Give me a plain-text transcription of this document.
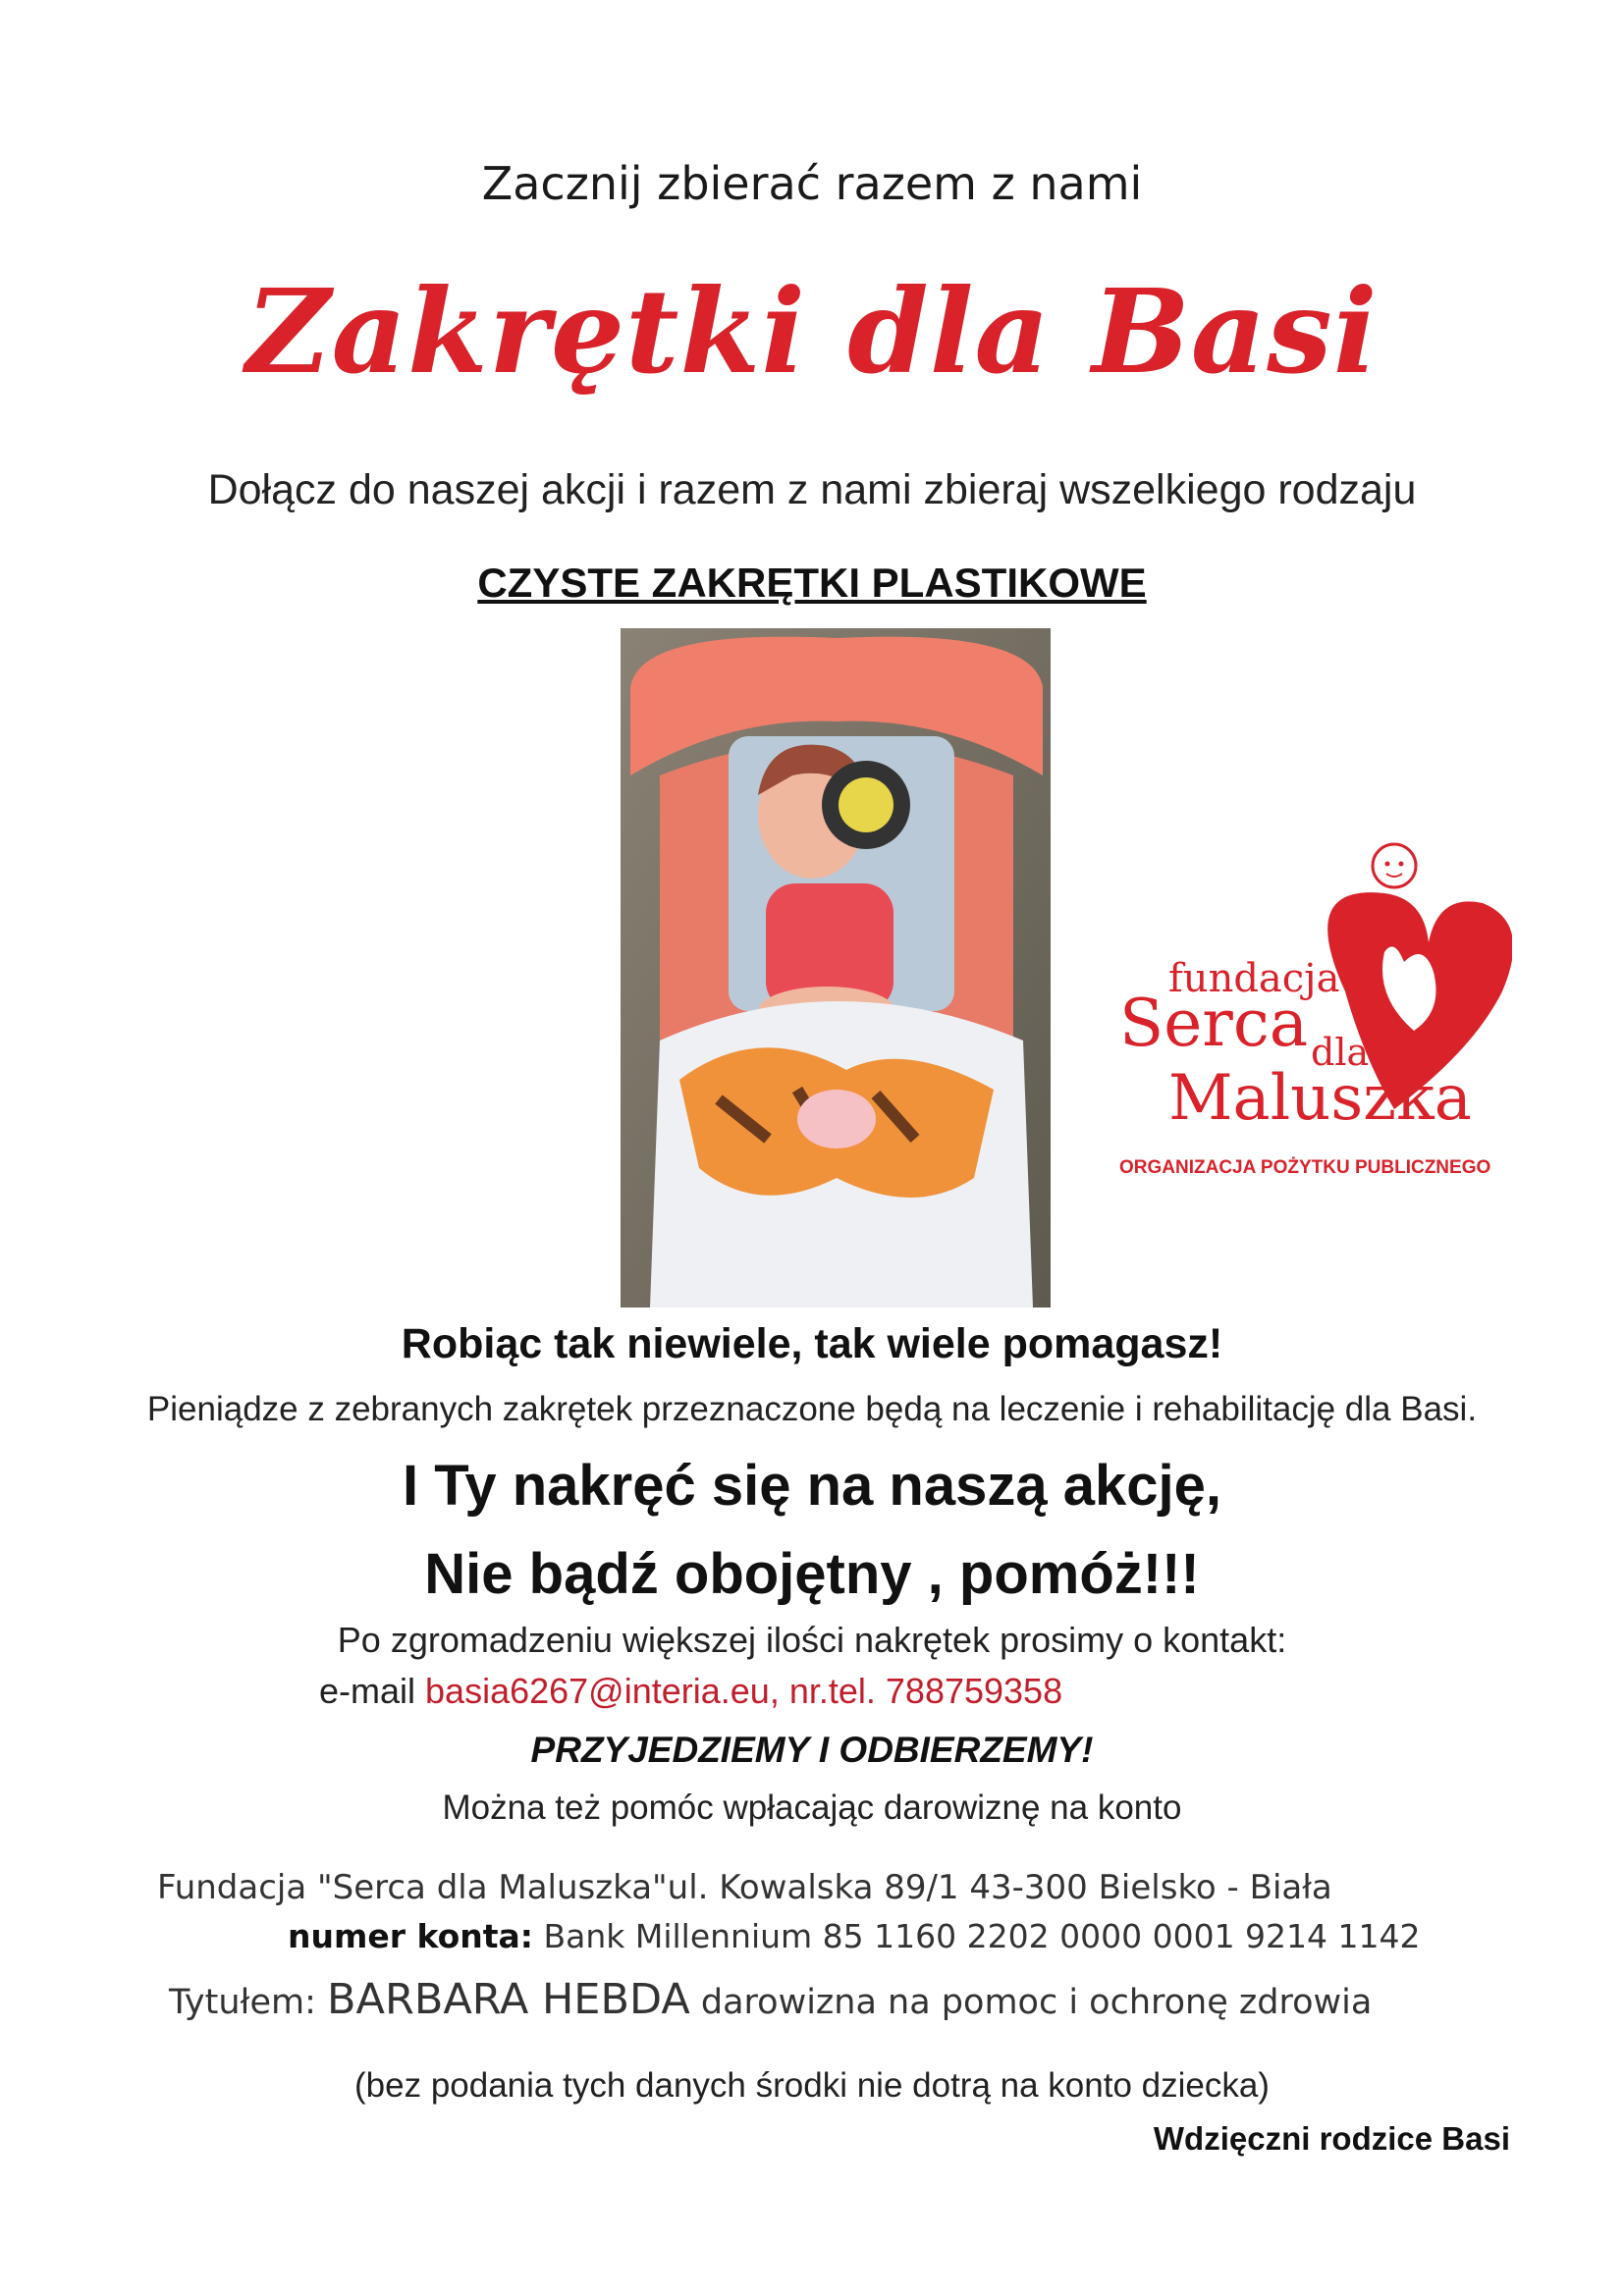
Zacznij zbierać razem z nami
Zakrętki dla Basi
Dołącz do naszej akcji i razem z nami zbieraj wszelkiego rodzaju
CZYSTE ZAKRĘTKI PLASTIKOWE
fundacja
Serca dla
Maluszka
ORGANIZACJA POŻYTKU PUBLICZNEGO
Robiąc tak niewiele, tak wiele pomagasz!
Pieniądze z zebranych zakrętek przeznaczone będą na leczenie i rehabilitację dla Basi.
I Ty nakręć się na naszą akcję,
Nie bądź obojętny , pomóż!!!
Po zgromadzeniu większej ilości nakrętek prosimy o kontakt:
e-mail basia6267@interia.eu, nr.tel. 788759358
PRZYJEDZIEMY I ODBIERZEMY!
Można też pomóc wpłacając darowiznę na konto
Fundacja "Serca dla Maluszka"ul. Kowalska 89/1 43-300 Bielsko - Biała
numer konta: Bank Millennium 85 1160 2202 0000 0001 9214 1142
Tytułem: BARBARA HEBDA darowizna na pomoc i ochronę zdrowia
(bez podania tych danych środki nie dotrą na konto dziecka)
Wdzięczni rodzice Basi
